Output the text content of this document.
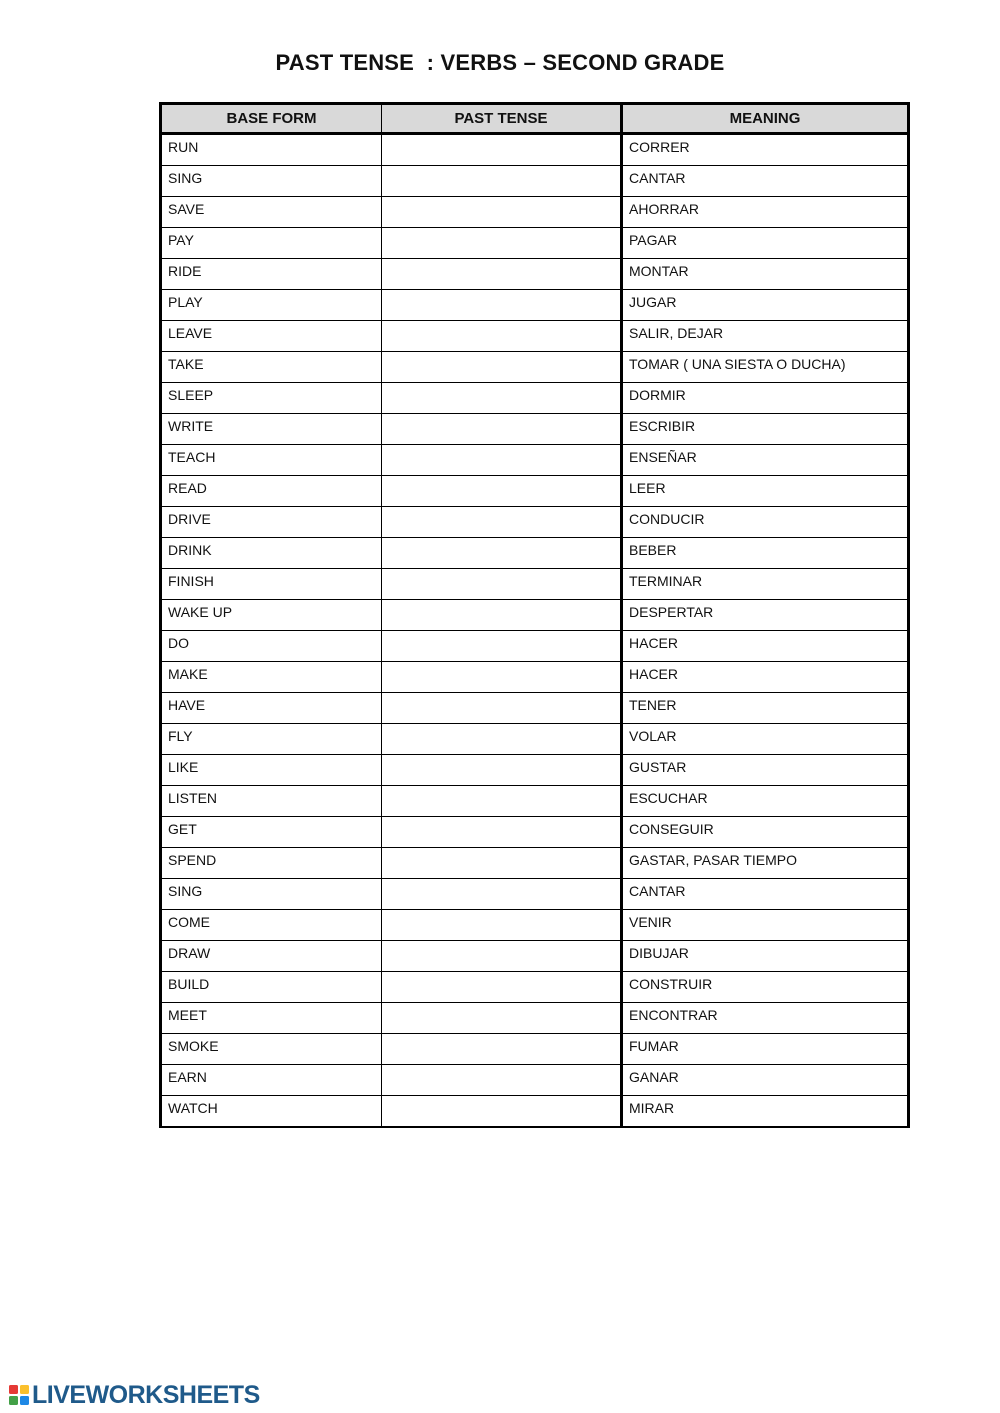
PAST TENSE  : VERBS – SECOND GRADE
BASE FORM	PAST TENSE	MEANING
RUN		CORRER
SING		CANTAR
SAVE		AHORRAR
PAY		PAGAR
RIDE		MONTAR
PLAY		JUGAR
LEAVE		SALIR, DEJAR
TAKE		TOMAR ( UNA SIESTA O DUCHA)
SLEEP		DORMIR
WRITE		ESCRIBIR
TEACH		ENSEÑAR
READ		LEER
DRIVE		CONDUCIR
DRINK		BEBER
FINISH		TERMINAR
WAKE UP		DESPERTAR
DO		HACER
MAKE		HACER
HAVE		TENER
FLY		VOLAR
LIKE		GUSTAR
LISTEN		ESCUCHAR
GET		CONSEGUIR
SPEND		GASTAR, PASAR TIEMPO
SING		CANTAR
COME		VENIR
DRAW		DIBUJAR
BUILD		CONSTRUIR
MEET		ENCONTRAR
SMOKE		FUMAR
EARN		GANAR
WATCH		MIRAR
LIVEWORKSHEETS
